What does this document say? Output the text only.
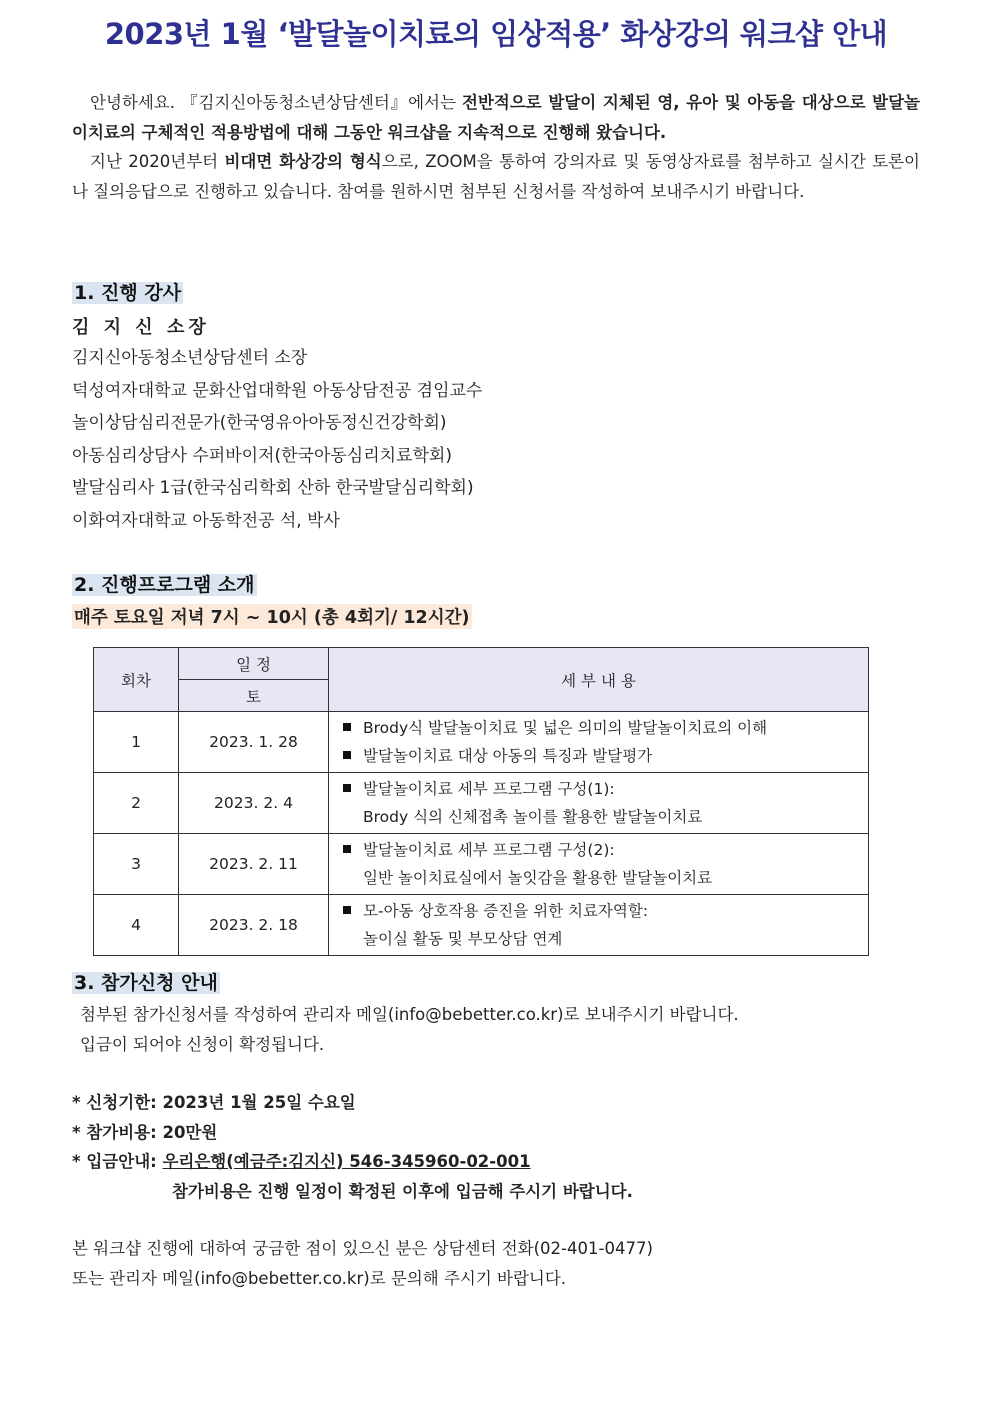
2023년 1월 ‘발달놀이치료의 임상적용’ 화상강의 워크샵 안내

안녕하세요. 『김지신아동청소년상담센터』에서는 전반적으로 발달이 지체된 영, 유아 및 아동을 대상으로 발달놀이치료의 구체적인 적용방법에 대해 그동안 워크샵을 지속적으로 진행해 왔습니다.

지난 2020년부터 비대면 화상강의 형식으로, ZOOM을 통하여 강의자료 및 동영상자료를 첨부하고 실시간 토론이나 질의응답으로 진행하고 있습니다. 참여를 원하시면 첨부된 신청서를 작성하여 보내주시기 바랍니다.

1. 진행 강사
김 지 신 소장
김지신아동청소년상담센터 소장
덕성여자대학교 문화산업대학원 아동상담전공 겸임교수
놀이상담심리전문가(한국영유아아동정신건강학회)
아동심리상담사 수퍼바이저(한국아동심리치료학회)
발달심리사 1급(한국심리학회 산하 한국발달심리학회)
이화여자대학교 아동학전공 석, 박사
2. 진행프로그램 소개
매주 토요일 저녁 7시 ~ 10시 (총 4회기/ 12시간)
회차	일 정	세 부 내 용
	토	
1	2023. 1. 28	Brody식 발달놀이치료 및 넓은 의미의 발달놀이치료의 이해
발달놀이치료 대상 아동의 특징과 발달평가

2	2023. 2. 4	발달놀이치료 세부 프로그램 구성(1):
Brody 식의 신체접촉 놀이를 활용한 발달놀이치료

3	2023. 2. 11	발달놀이치료 세부 프로그램 구성(2):
일반 놀이치료실에서 놀잇감을 활용한 발달놀이치료

4	2023. 2. 18	모-아동 상호작용 증진을 위한 치료자역할:
놀이실 활동 및 부모상담 연계
3. 참가신청 안내
첨부된 참가신청서를 작성하여 관리자 메일(info@bebetter.co.kr)로 보내주시기 바랍니다.
입금이 되어야 신청이 확정됩니다.
* 신청기한: 2023년 1월 25일 수요일
* 참가비용: 20만원
* 입금안내: 우리은행(예금주:김지신) 546-345960-02-001
참가비용은 진행 일정이 확정된 이후에 입금해 주시기 바랍니다.
본 워크샵 진행에 대하여 궁금한 점이 있으신 분은 상담센터 전화(02-401-0477)
또는 관리자 메일(info@bebetter.co.kr)로 문의해 주시기 바랍니다.
